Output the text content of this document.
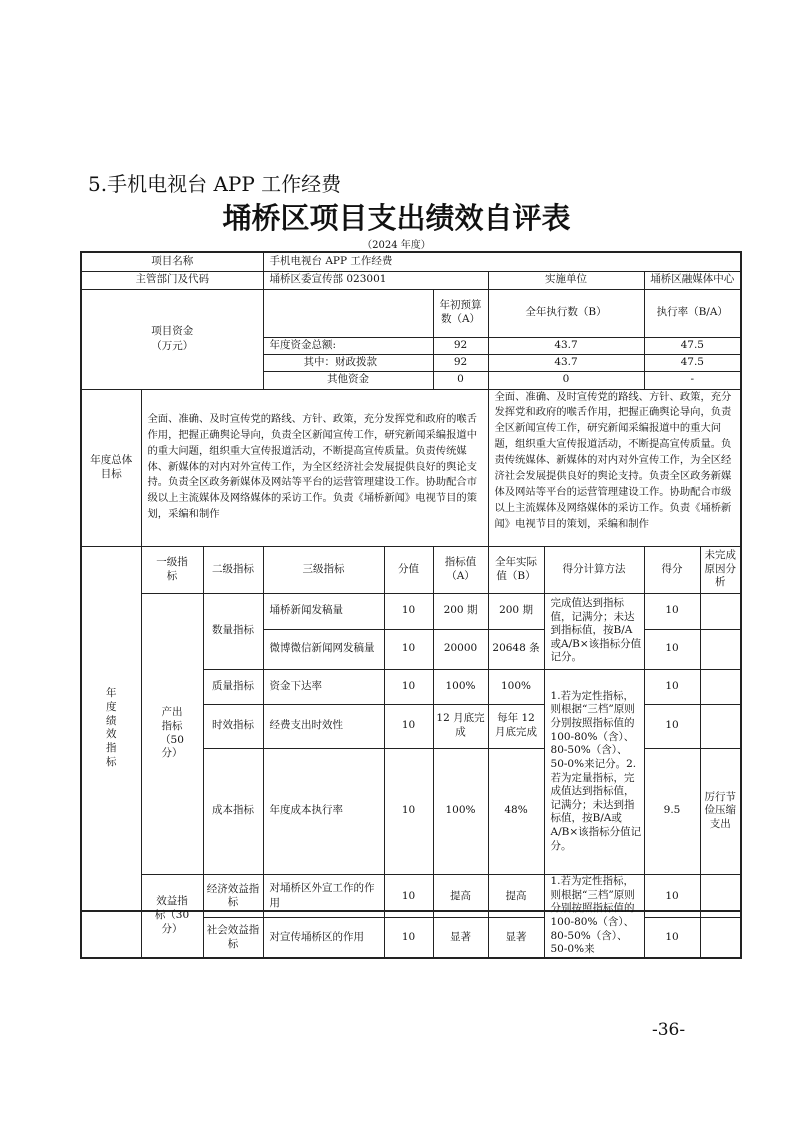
5.手机电视台 APP 工作经费
埇桥区项目支出绩效自评表
（2024 年度）
项目名称			手机电视台 APP 工作经费						
主管部门及代码			埇桥区委宣传部 023001			实施单位		埇桥区融媒体中心	
项目资金
（万元）					年初预算数（A）	全年执行数（B）		执行率（B/A）	
			年度资金总额:		92	43.7		47.5	
			其中：财政拨款		92	43.7		47.5	
			其他资金		0	0		-	
年度总体目标	全面、准确、及时宣传党的路线、方针、政策，充分发挥党和政府的喉舌作用，把握正确舆论导向，负责全区新闻宣传工作，研究新闻采编报道中的重大问题，组织重大宣传报道活动，不断提高宣传质量。负责传统媒体、新媒体的对内对外宣传工作，为全区经济社会发展提供良好的舆论支持。负责全区政务新媒体及网站等平台的运营管理建设工作。协助配合市级以上主流媒体及网络媒体的采访工作。负责《埇桥新闻》电视节目的策划，采编和制作					全面、准确、及时宣传党的路线、方针、政策，充分发挥党和政府的喉舌作用，把握正确舆论导向，负责全区新闻宣传工作，研究新闻采编报道中的重大问题，组织重大宣传报道活动，不断提高宣传质量。负责传统媒体、新媒体的对内对外宣传工作，为全区经济社会发展提供良好的舆论支持。负责全区政务新媒体及网站等平台的运营管理建设工作。协助配合市级以上主流媒体及网络媒体的采访工作。负责《埇桥新闻》电视节目的策划，采编和制作			
年度绩效指标	一级指标	二级指标	三级指标	分值	指标值（A）	全年实际值（B）	得分计算方法	得分	未完成原因分析
	产出指标（50分）	数量指标	埇桥新闻发稿量	10	200 期	200 期	完成值达到指标值，记满分；未达到指标值，按B/A或A/B×该指标分值记分。	10	
			微博微信新闻网发稿量	10	20000	20648 条		10	
		质量指标	资金下达率	10	100%	100%	1.若为定性指标，则根据“三档”原则分别按照指标值的100-80%（含）、80-50%（含）、50-0%来记分。2.若为定量指标，完成值达到指标值，记满分；未达到指标值，按B/A或A/B×该指标分值记分。	10	
		时效指标	经费支出时效性	10	12 月底完成	每年 12 月底完成		10	
		成本指标	年度成本执行率	10	100%	48%		9.5	厉行节俭压缩支出

	效益指标（30分）	经济效益指标	对埇桥区外宣工作的作用	10	提高	提高	1.若为定性指标，则根据“三档”原则分别按照指标值的100-80%（含）、80-50%（含）、50-0%来	10	
		社会效益指标	对宣传埇桥区的作用	10	显著	显著		10	
-36-
